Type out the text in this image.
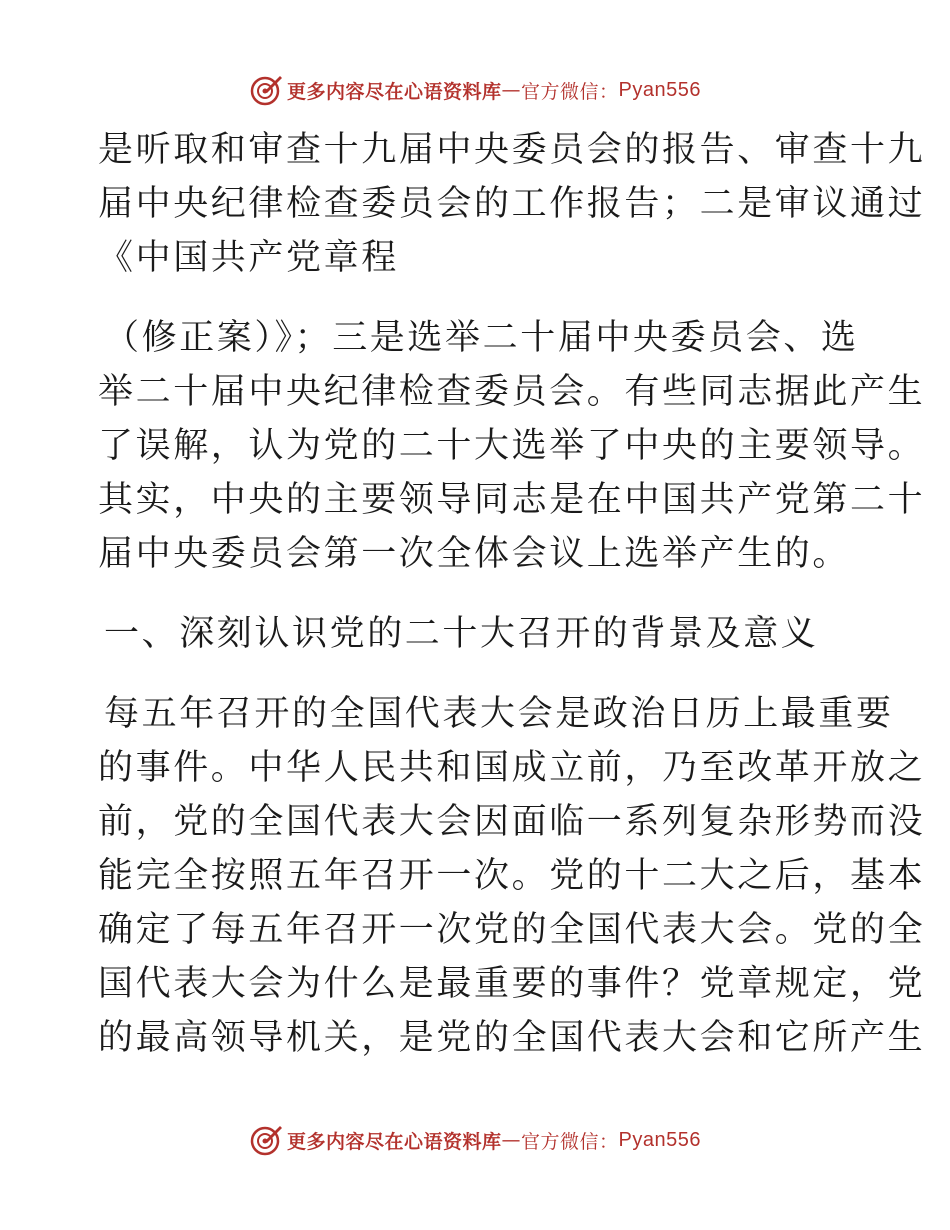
更多内容尽在心语资料库 — 官方微信： Pyan556
是听取和审查十九届中央委员会的报告、审查十九
届中央纪律检查委员会的工作报告；二是审议通过
《中国共产党章程
（修正案）》；三是选举二十届中央委员会、选
举二十届中央纪律检查委员会。有些同志据此产生
了误解，认为党的二十大选举了中央的主要领导。
其实，中央的主要领导同志是在中国共产党第二十
届中央委员会第一次全体会议上选举产生的。
一、深刻认识党的二十大召开的背景及意义
每五年召开的全国代表大会是政治日历上最重要
的事件。中华人民共和国成立前，乃至改革开放之
前，党的全国代表大会因面临一系列复杂形势而没
能完全按照五年召开一次。党的十二大之后，基本
确定了每五年召开一次党的全国代表大会。党的全
国代表大会为什么是最重要的事件？党章规定，党
的最高领导机关，是党的全国代表大会和它所产生
更多内容尽在心语资料库 — 官方微信： Pyan556
